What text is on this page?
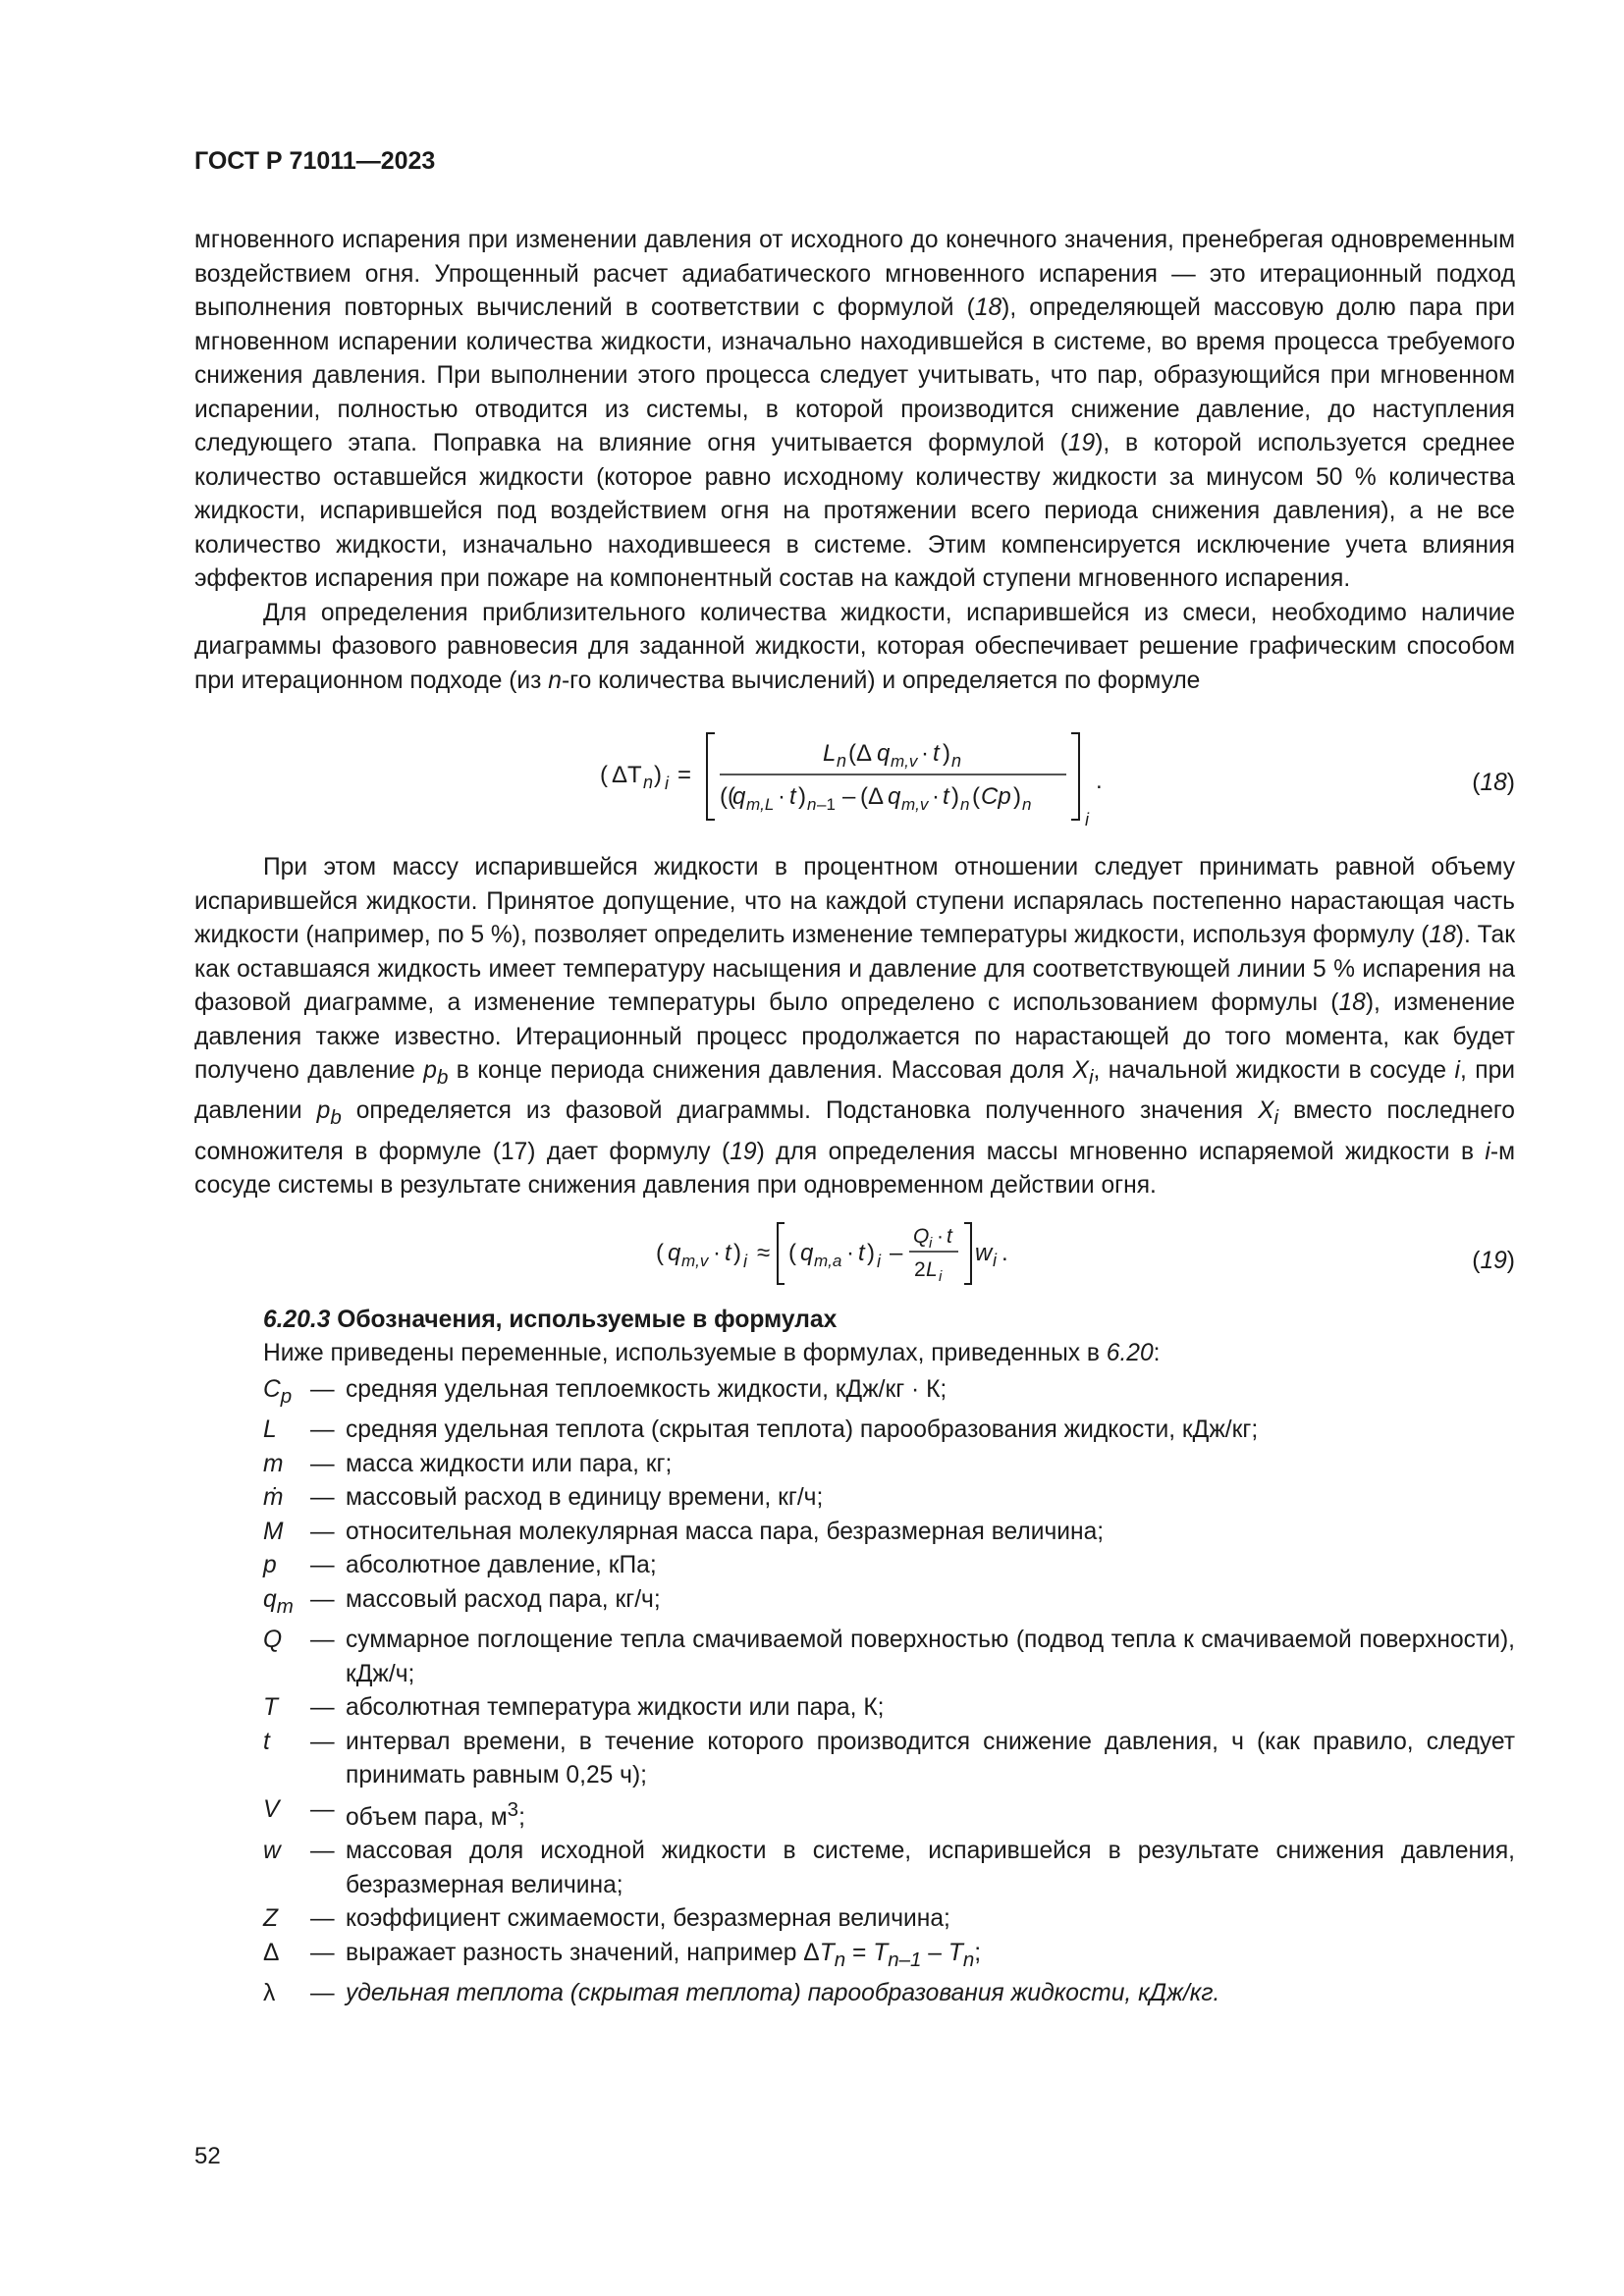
ГОСТ Р 71011—2023

мгновенного испарения при изменении давления от исходного до конечного значения, пренебрегая одновременным воздействием огня. Упрощенный расчет адиабатического мгновенного испарения — это итерационный подход выполнения повторных вычислений в соответствии с формулой (18), определяющей массовую долю пара при мгновенном испарении количества жидкости, изначально находившейся в системе, во время процесса требуемого снижения давления. При выполнении этого процесса следует учитывать, что пар, образующийся при мгновенном испарении, полностью отводится из системы, в которой производится снижение давление, до наступления следующего этапа. Поправка на влияние огня учитывается формулой (19), в которой используется среднее количество оставшейся жидкости (которое равно исходному количеству жидкости за минусом 50 % количества жидкости, испарившейся под воздействием огня на протяжении всего периода снижения давления), а не все количество жидкости, изначально находившееся в системе. Этим компенсируется исключение учета влияния эффектов испарения при пожаре на компонентный состав на каждой ступени мгновенного испарения.

Для определения приблизительного количества жидкости, испарившейся из смеси, необходимо наличие диаграммы фазового равновесия для заданной жидкости, которая обеспечивает решение графическим способом при итерационном подходе (из n-го количества вычислений) и определяется по формуле

( ΔT n ) i =
L n (Δ q m,v · t ) n
((
q m,L · t ) n –1 – (Δ q m,v · t ) n ( Cp ) n
i
.	(18)

При этом массу испарившейся жидкости в процентном отношении следует принимать равной объему испарившейся жидкости. Принятое допущение, что на каждой ступени испарялась постепенно нарастающая часть жидкости (например, по 5 %), позволяет определить изменение температуры жидкости, используя формулу (18). Так как оставшаяся жидкость имеет температуру насыщения и давление для соответствующей линии 5 % испарения на фазовой диаграмме, а изменение температуры было определено с использованием формулы (18), изменение давления также известно. Итерационный процесс продолжается по нарастающей до того момента, как будет получено давление $p_b$ в конце периода снижения давления. Массовая доля $X_i$, начальной жидкости в сосуде i, при давлении $p_b$ определяется из фазовой диаграммы. Подстановка полученного значения $X_i$ вместо последнего сомножителя в формуле (17) дает формулу (19) для определения массы мгновенно испаряемой жидкости в i-м сосуде системы в результате снижения давления при одновременном действии огня.

( q m,v · t ) i ≈ ( q m,a · t ) i –
Q i · t
2 L i
w i .	(19)
6.20.3 Обозначения, используемые в формулах
Ниже приведены переменные, используемые в формулах, приведенных в 6.20:
$C_p$ — средняя удельная теплоемкость жидкости, кДж/кг · К;
L	— средняя удельная теплота (скрытая теплота) парообразования жидкости, кДж/кг;
m	— масса жидкости или пара, кг;
ṁ	— массовый расход в единицу времени, кг/ч;
M	— относительная молекулярная масса пара, безразмерная величина;
p	— абсолютное давление, кПа;
$q_m$ — массовый расход пара, кг/ч;
Q	— суммарное поглощение тепла смачиваемой поверхностью (подвод тепла к смачиваемой поверхности), кДж/ч;
T	— абсолютная температура жидкости или пара, К;
t	— интервал времени, в течение которого производится снижение давления, ч (как правило, следует принимать равным 0,25 ч);
V	— объем пара, $м^3$;
w	— массовая доля исходной жидкости в системе, испарившейся в результате снижения давления, безразмерная величина;
Z	— коэффициент сжимаемости, безразмерная величина;
Δ	— выражает разность значений, например $\Delta T_n = T_{n-1} - T_n$;
λ	— удельная теплота (скрытая теплота) парообразования жидкости, кДж/кг.
52
